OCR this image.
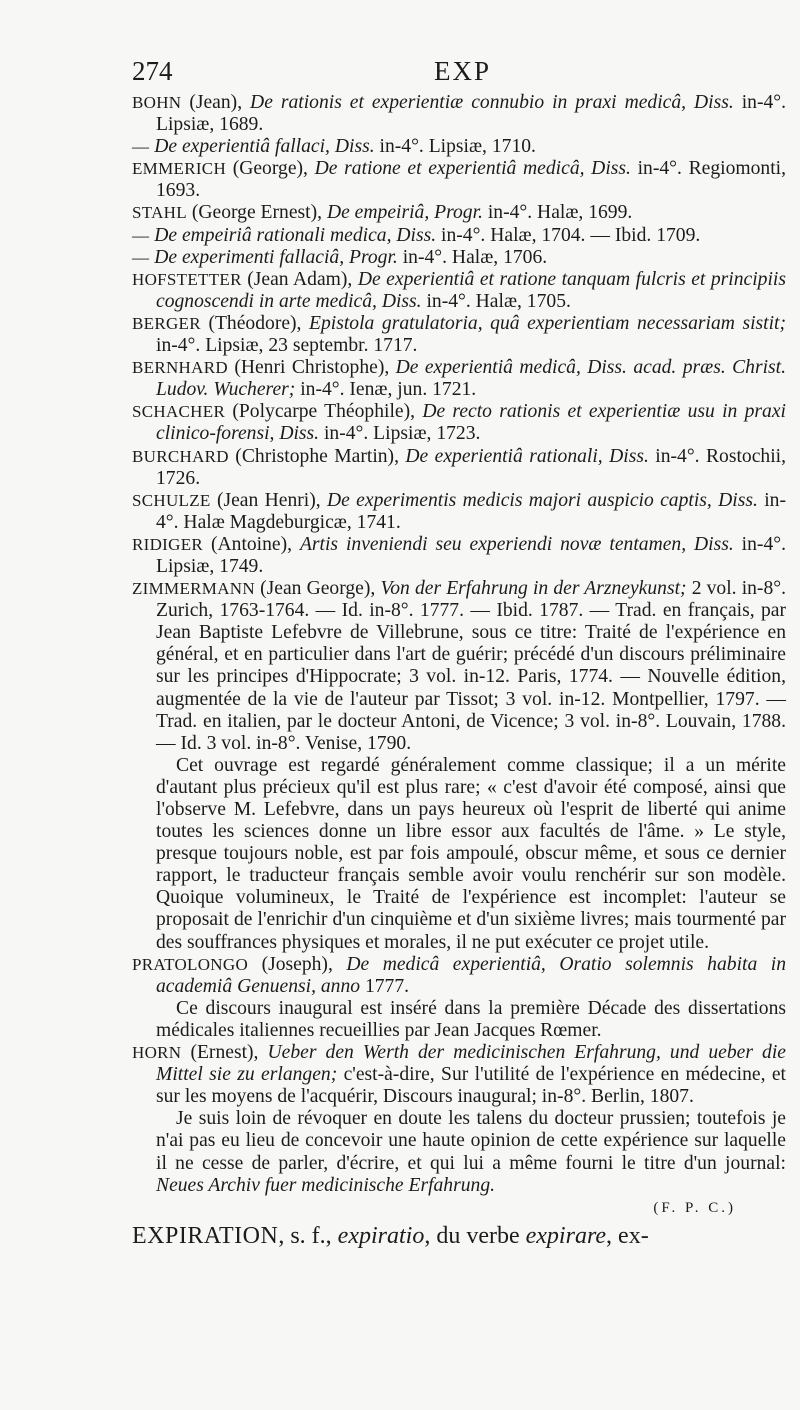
274	EXP
BOHN (Jean), De rationis et experientiæ connubio in praxi medicâ, Diss. in-4°. Lipsiæ, 1689.
— De experientiâ fallaci, Diss. in-4°. Lipsiæ, 1710.
EMMERICH (George), De ratione et experientiâ medicâ, Diss. in-4°. Regiomonti, 1693.
STAHL (George Ernest), De empeiriâ, Progr. in-4°. Halæ, 1699.
— De empeiriâ rationali medica, Diss. in-4°. Halæ, 1704. — Ibid. 1709.
— De experimenti fallaciâ, Progr. in-4°. Halæ, 1706.
HOFSTETTER (Jean Adam), De experientiâ et ratione tanquam fulcris et principiis cognoscendi in arte medicâ, Diss. in-4°. Halæ, 1705.
BERGER (Théodore), Epistola gratulatoria, quâ experientiam necessariam sistit; in-4°. Lipsiæ, 23 septembr. 1717.
BERNHARD (Henri Christophe), De experientiâ medicâ, Diss. acad. præs. Christ. Ludov. Wucherer; in-4°. Ienæ, jun. 1721.
SCHACHER (Polycarpe Théophile), De recto rationis et experientiæ usu in praxi clinico-forensi, Diss. in-4°. Lipsiæ, 1723.
BURCHARD (Christophe Martin), De experientiâ rationali, Diss. in-4°. Rostochii, 1726.
SCHULZE (Jean Henri), De experimentis medicis majori auspicio captis, Diss. in-4°. Halæ Magdeburgicæ, 1741.
RIDIGER (Antoine), Artis inveniendi seu experiendi novæ tentamen, Diss. in-4°. Lipsiæ, 1749.
ZIMMERMANN (Jean George), Von der Erfahrung in der Arzneykunst; 2 vol. in-8°. Zurich, 1763-1764. — Id. in-8°. 1777. — Ibid. 1787. — Trad. en français, par Jean Baptiste Lefebvre de Villebrune, sous ce titre: Traité de l'expérience en général, et en particulier dans l'art de guérir; précédé d'un discours préliminaire sur les principes d'Hippocrate; 3 vol. in-12. Paris, 1774. — Nouvelle édition, augmentée de la vie de l'auteur par Tissot; 3 vol. in-12. Montpellier, 1797. — Trad. en italien, par le docteur Antoni, de Vicence; 3 vol. in-8°. Louvain, 1788. — Id. 3 vol. in-8°. Venise, 1790.
Cet ouvrage est regardé généralement comme classique; il a un mérite d'autant plus précieux qu'il est plus rare; « c'est d'avoir été composé, ainsi que l'observe M. Lefebvre, dans un pays heureux où l'esprit de liberté qui anime toutes les sciences donne un libre essor aux facultés de l'âme. » Le style, presque toujours noble, est par fois ampoulé, obscur même, et sous ce dernier rapport, le traducteur français semble avoir voulu renchérir sur son modèle. Quoique volumineux, le Traité de l'expérience est incomplet: l'auteur se proposait de l'enrichir d'un cinquième et d'un sixième livres; mais tourmenté par des souffrances physiques et morales, il ne put exécuter ce projet utile.
PRATOLONGO (Joseph), De medicâ experientiâ, Oratio solemnis habita in academiâ Genuensi, anno 1777.
Ce discours inaugural est inséré dans la première Décade des dissertations médicales italiennes recueillies par Jean Jacques Rœmer.
HORN (Ernest), Ueber den Werth der medicinischen Erfahrung, und ueber die Mittel sie zu erlangen; c'est-à-dire, Sur l'utilité de l'expérience en médecine, et sur les moyens de l'acquérir, Discours inaugural; in-8°. Berlin, 1807.
Je suis loin de révoquer en doute les talens du docteur prussien; toutefois je n'ai pas eu lieu de concevoir une haute opinion de cette expérience sur laquelle il ne cesse de parler, d'écrire, et qui lui a même fourni le titre d'un journal: Neues Archiv fuer medicinische Erfahrung.
(F. P. C.)
EXPIRATION, s. f., expiratio, du verbe expirare, ex-
